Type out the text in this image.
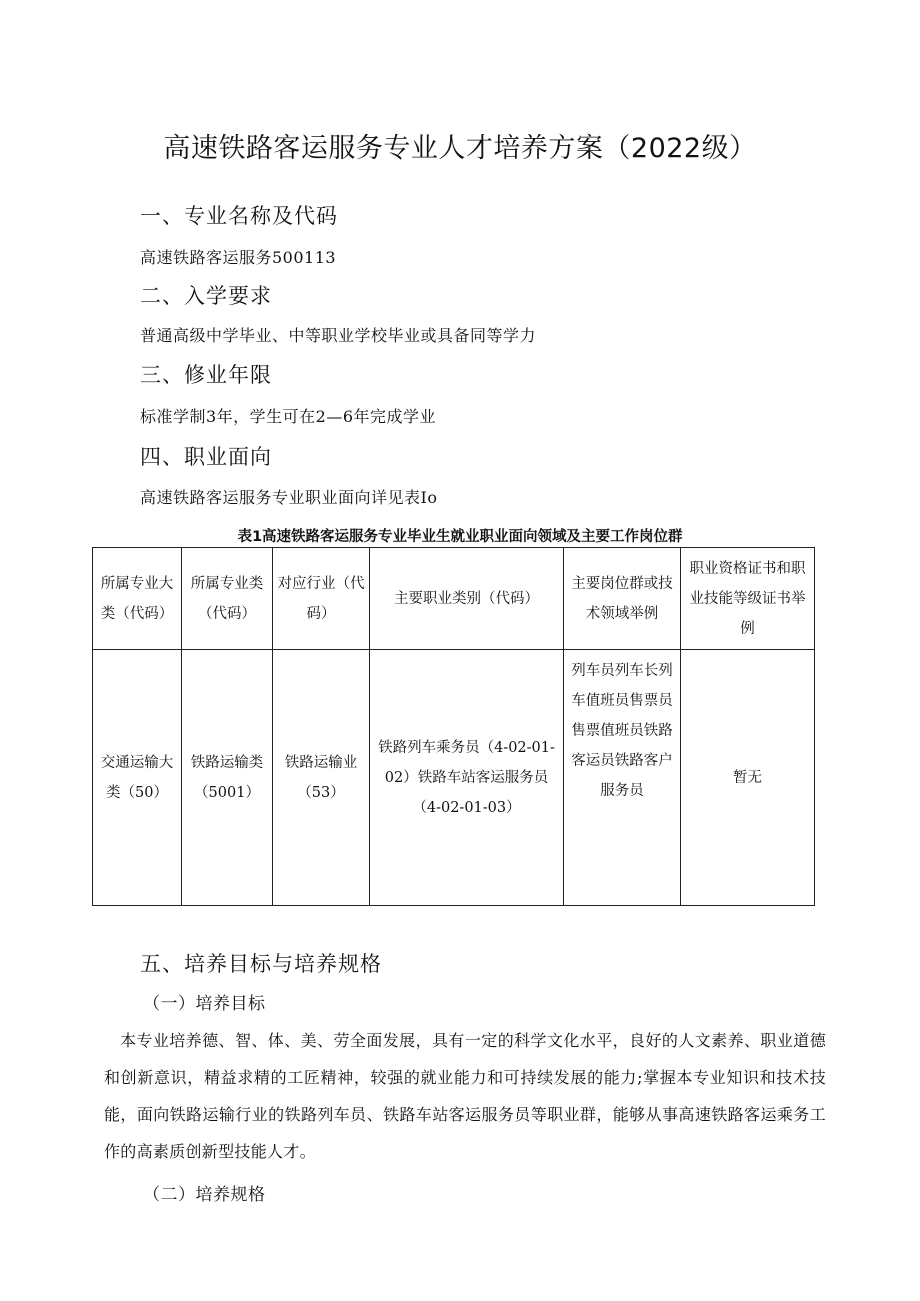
高速铁路客运服务专业人才培养方案（2022级）
一、专业名称及代码
高速铁路客运服务500113
二、入学要求
普通高级中学毕业、中等职业学校毕业或具备同等学力
三、修业年限
标准学制3年，学生可在2—6年完成学业
四、职业面向
高速铁路客运服务专业职业面向详见表Io
表1高速铁路客运服务专业毕业生就业职业面向领域及主要工作岗位群
所属专业大类（代码）	所属专业类（代码）	对应行业（代码）	主要职业类别（代码）	主要岗位群或技术领域举例	职业资格证书和职业技能等级证书举例
交通运输大类（50）	铁路运输类（5001）	铁路运输业（53）	铁路列车乘务员（4-02-01-02）铁路车站客运服务员（4-02-01-03）	列车员列车长列车值班员售票员售票值班员铁路客运员铁路客户服务员	暂无
五、培养目标与培养规格
（一）培养目标
本专业培养德、智、体、美、劳全面发展，具有一定的科学文化水平，良好的人文素养、职业道德和创新意识，精益求精的工匠精神，较强的就业能力和可持续发展的能力;掌握本专业知识和技术技能，面向铁路运输行业的铁路列车员、铁路车站客运服务员等职业群，能够从事高速铁路客运乘务工作的高素质创新型技能人才。
（二）培养规格
